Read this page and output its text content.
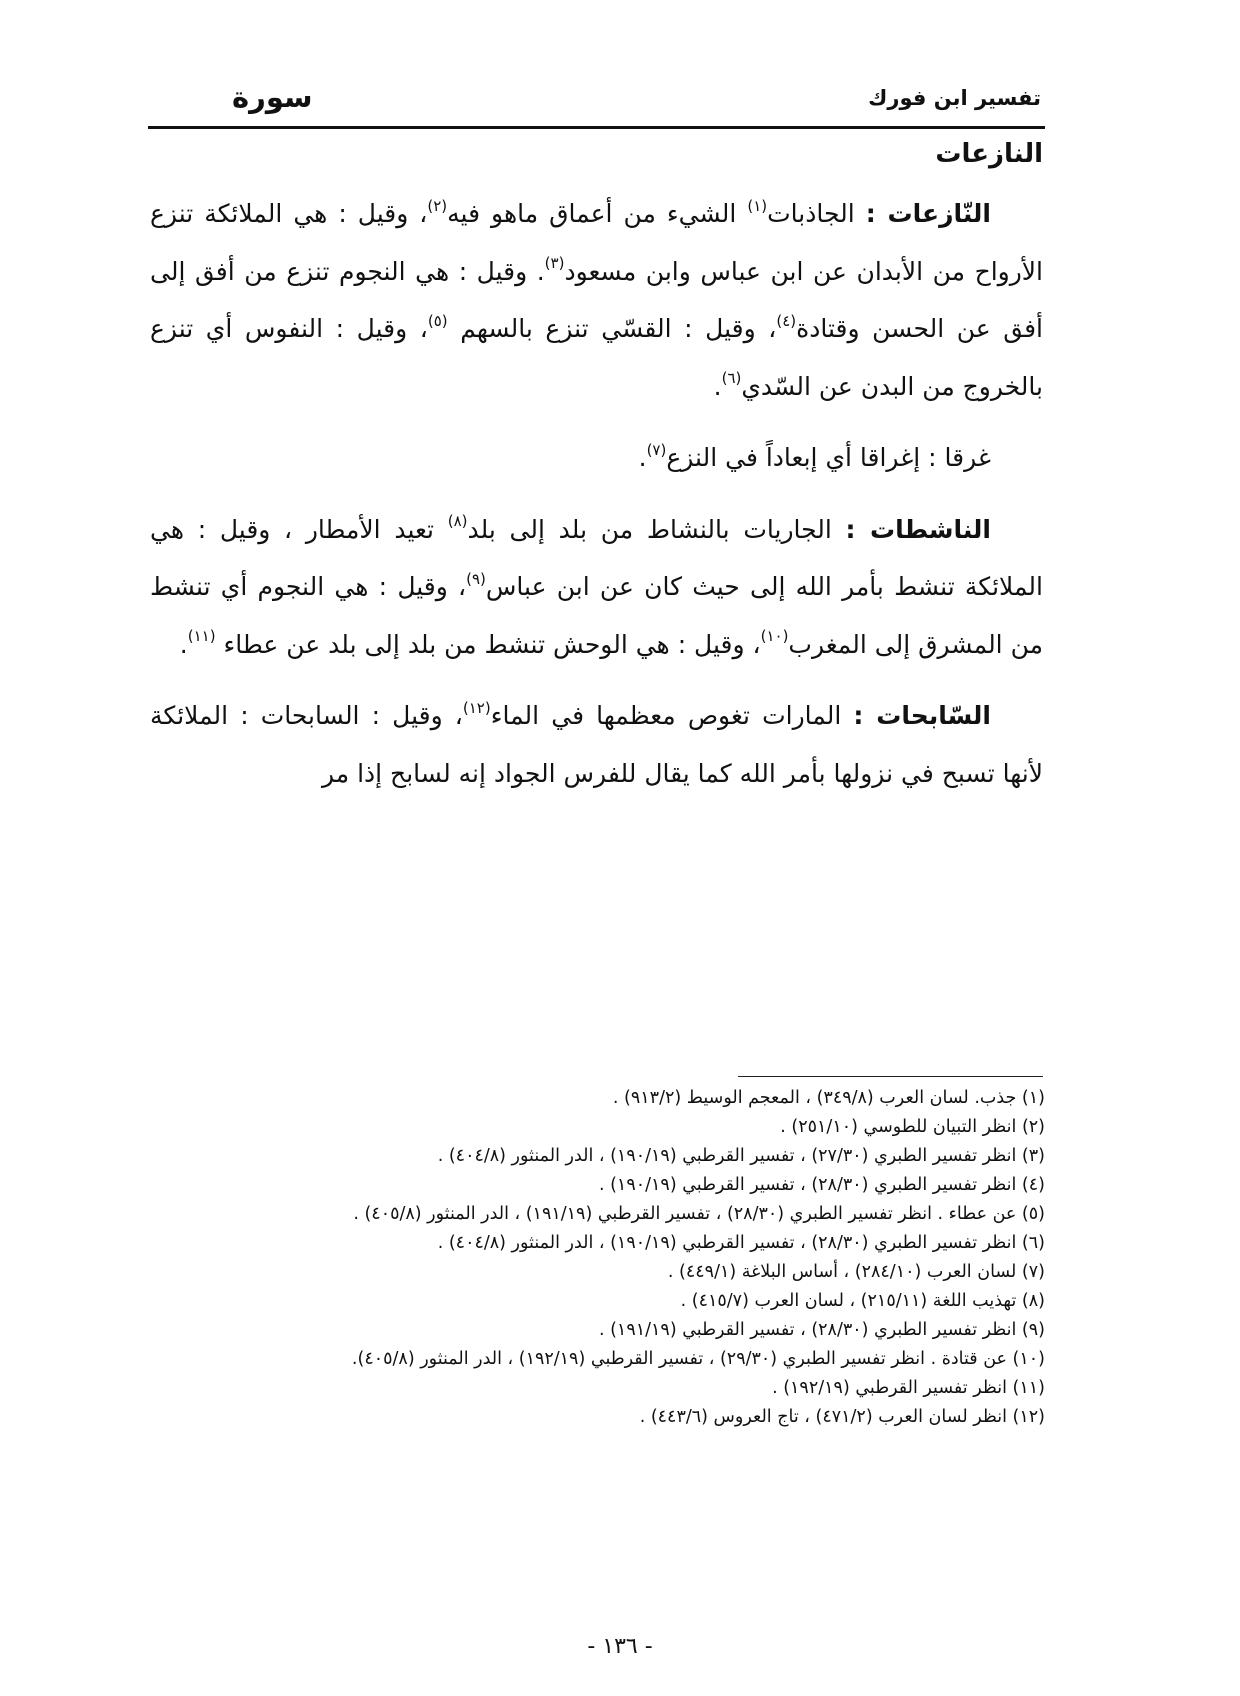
تفسير ابن فورك
سورة
النازعات

النّازعات : الجاذبات$^{(١)}$ الشيء من أعماق ماهو فيه$^{(٢)}$، وقيل : هي الملائكة تنزع الأرواح من الأبدان عن ابن عباس وابن مسعود$^{(٣)}$. وقيل : هي النجوم تنزع من أفق إلى أفق عن الحسن وقتادة$^{(٤)}$، وقيل : القسّي تنزع بالسهم $^{(٥)}$، وقيل : النفوس أي تنزع بالخروج من البدن عن السّدي$^{(٦)}$.

غرقا : إغراقا أي إبعاداً في النزع$^{(٧)}$.

الناشطات : الجاريات بالنشاط من بلد إلى بلد$^{(٨)}$ تعيد الأمطار ، وقيل : هي الملائكة تنشط بأمر الله إلى حيث كان عن ابن عباس$^{(٩)}$، وقيل : هي النجوم أي تنشط من المشرق إلى المغرب$^{(١٠)}$، وقيل : هي الوحش تنشط من بلد إلى بلد عن عطاء $^{(١١)}$.

السّابحات : المارات تغوص معظمها في الماء$^{(١٢)}$، وقيل : السابحات : الملائكة لأنها تسبح في نزولها بأمر الله كما يقال للفرس الجواد إنه لسابح إذا مر

(١) جذب. لسان العرب (٣٤٩/٨) ، المعجم الوسيط (٩١٣/٢) .
(٢) انظر التبيان للطوسي (٢٥١/١٠) .
(٣) انظر تفسير الطبري (٢٧/٣٠) ، تفسير القرطبي (١٩٠/١٩) ، الدر المنثور (٤٠٤/٨) .
(٤) انظر تفسير الطبري (٢٨/٣٠) ، تفسير القرطبي (١٩٠/١٩) .
(٥) عن عطاء . انظر تفسير الطبري (٢٨/٣٠) ، تفسير القرطبي (١٩١/١٩) ، الدر المنثور (٤٠٥/٨) .
(٦) انظر تفسير الطبري (٢٨/٣٠) ، تفسير القرطبي (١٩٠/١٩) ، الدر المنثور (٤٠٤/٨) .
(٧) لسان العرب (٢٨٤/١٠) ، أساس البلاغة (٤٤٩/١) .
(٨) تهذيب اللغة (٢١٥/١١) ، لسان العرب (٤١٥/٧) .
(٩) انظر تفسير الطبري (٢٨/٣٠) ، تفسير القرطبي (١٩١/١٩) .
(١٠) عن قتادة . انظر تفسير الطبري (٢٩/٣٠) ، تفسير القرطبي (١٩٢/١٩) ، الدر المنثور (٤٠٥/٨).
(١١) انظر تفسير القرطبي (١٩٢/١٩) .
(١٢) انظر لسان العرب (٤٧١/٢) ، تاج العروس (٤٤٣/٦) .
- ١٣٦ -
